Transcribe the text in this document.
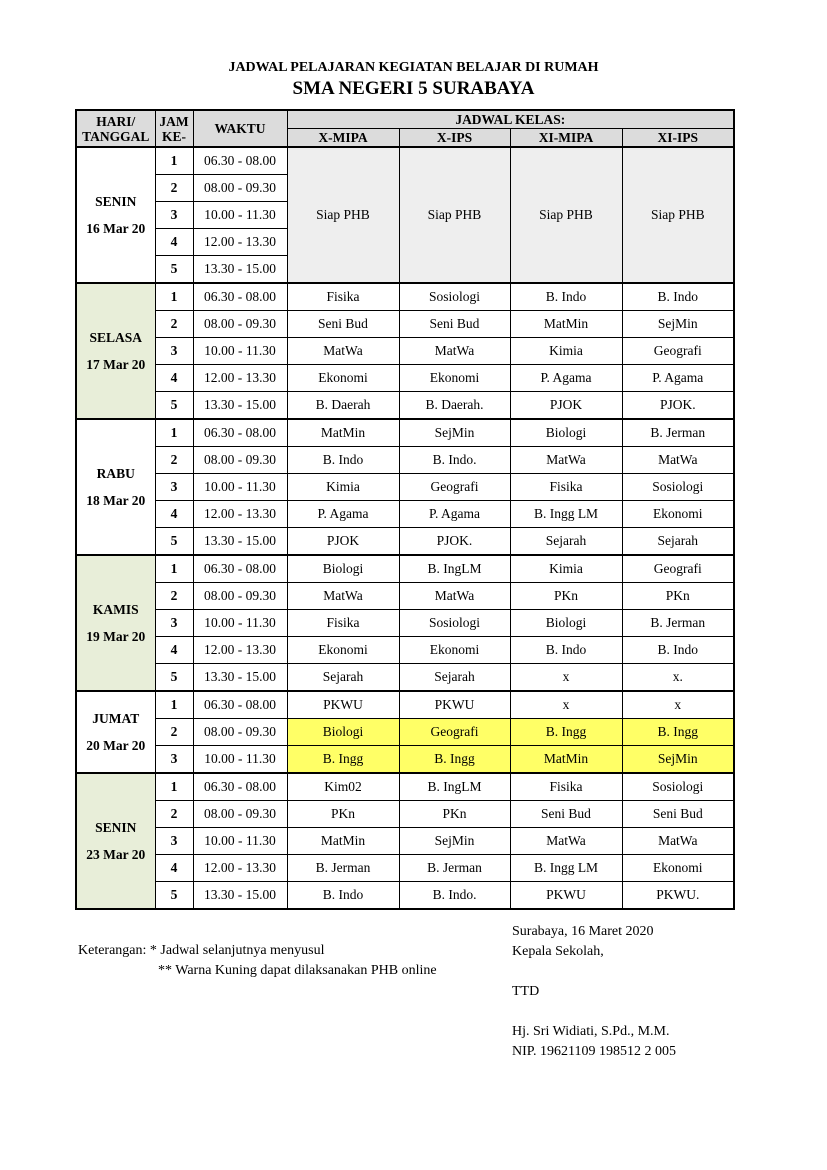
JADWAL PELAJARAN KEGIATAN BELAJAR DI RUMAH
SMA NEGERI 5 SURABAYA
HARI/
TANGGAL	JAM
KE-	WAKTU	JADWAL KELAS:			
			X-MIPA	X-IPS	XI-MIPA	XI-IPS
SENIN
16 Mar 20	1	06.30 - 08.00	Siap PHB	Siap PHB	Siap PHB	Siap PHB
	2	08.00 - 09.30				
	3	10.00 - 11.30				
	4	12.00 - 13.30				
	5	13.30 - 15.00				
SELASA
17 Mar 20	1	06.30 - 08.00	Fisika	Sosiologi	B. Indo	B. Indo
	2	08.00 - 09.30	Seni Bud	Seni Bud	MatMin	SejMin
	3	10.00 - 11.30	MatWa	MatWa	Kimia	Geografi
	4	12.00 - 13.30	Ekonomi	Ekonomi	P. Agama	P. Agama
	5	13.30 - 15.00	B. Daerah	B. Daerah.	PJOK	PJOK.
RABU
18 Mar 20	1	06.30 - 08.00	MatMin	SejMin	Biologi	B. Jerman
	2	08.00 - 09.30	B. Indo	B. Indo.	MatWa	MatWa
	3	10.00 - 11.30	Kimia	Geografi	Fisika	Sosiologi
	4	12.00 - 13.30	P. Agama	P. Agama	B. Ingg LM	Ekonomi
	5	13.30 - 15.00	PJOK	PJOK.	Sejarah	Sejarah
KAMIS
19 Mar 20	1	06.30 - 08.00	Biologi	B. IngLM	Kimia	Geografi
	2	08.00 - 09.30	MatWa	MatWa	PKn	PKn
	3	10.00 - 11.30	Fisika	Sosiologi	Biologi	B. Jerman
	4	12.00 - 13.30	Ekonomi	Ekonomi	B. Indo	B. Indo
	5	13.30 - 15.00	Sejarah	Sejarah	x	x.
JUMAT
20 Mar 20	1	06.30 - 08.00	PKWU	PKWU	x	x
	2	08.00 - 09.30	Biologi	Geografi	B. Ingg	B. Ingg
	3	10.00 - 11.30	B. Ingg	B. Ingg	MatMin	SejMin
SENIN
23 Mar 20	1	06.30 - 08.00	Kim02	B. IngLM	Fisika	Sosiologi
	2	08.00 - 09.30	PKn	PKn	Seni Bud	Seni Bud
	3	10.00 - 11.30	MatMin	SejMin	MatWa	MatWa
	4	12.00 - 13.30	B. Jerman	B. Jerman	B. Ingg LM	Ekonomi
	5	13.30 - 15.00	B. Indo	B. Indo.	PKWU	PKWU.
Keterangan: * Jadwal selanjutnya menyusul
** Warna Kuning dapat dilaksanakan PHB online
Surabaya, 16 Maret 2020
Kepala Sekolah,
TTD
Hj. Sri Widiati, S.Pd., M.M.
NIP. 19621109 198512 2 005
